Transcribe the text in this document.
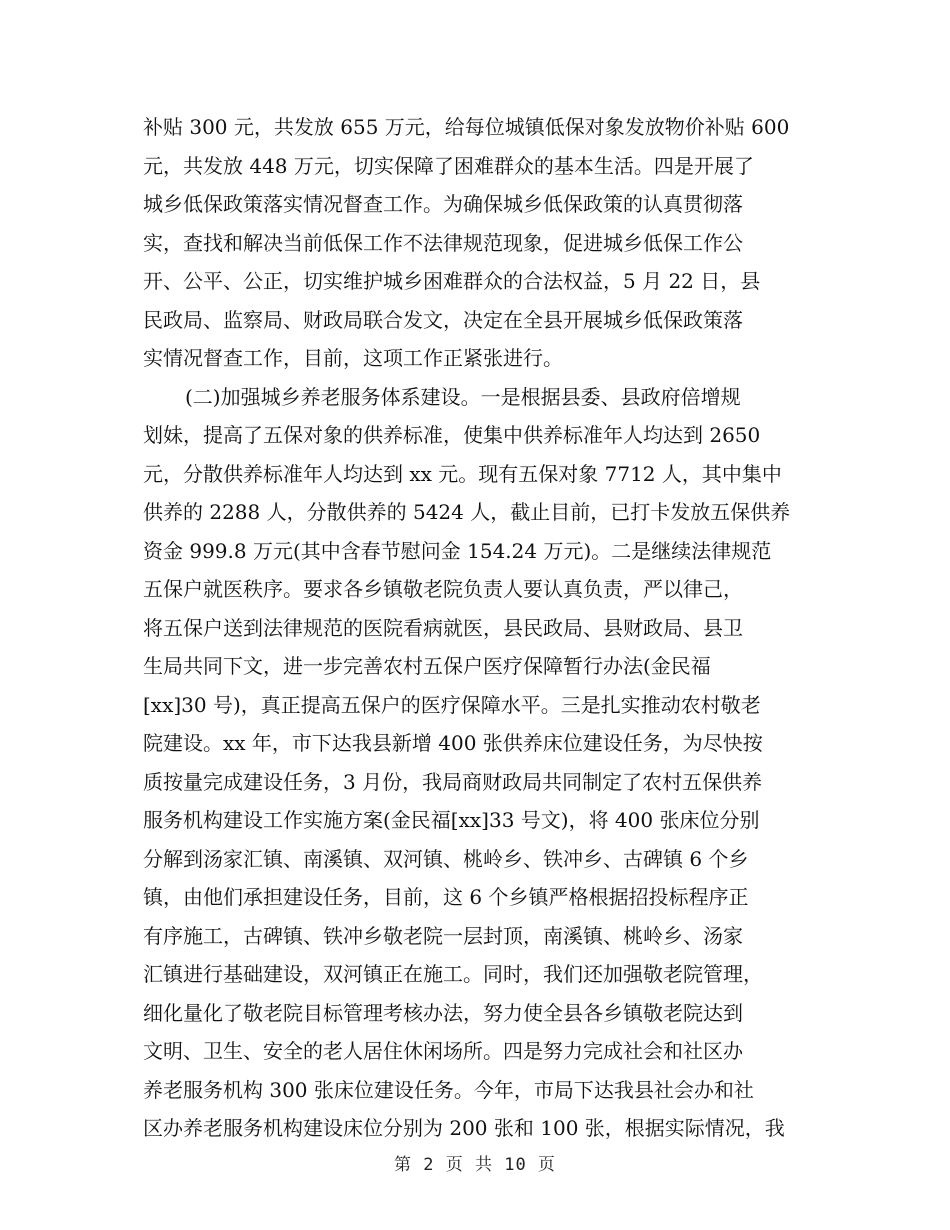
补贴 300 元，共发放 655 万元，给每位城镇低保对象发放物价补贴 600
元，共发放 448 万元，切实保障了困难群众的基本生活。四是开展了
城乡低保政策落实情况督查工作。为确保城乡低保政策的认真贯彻落
实，查找和解决当前低保工作不法律规范现象，促进城乡低保工作公
开、公平、公正，切实维护城乡困难群众的合法权益，5 月 22 日，县
民政局、监察局、财政局联合发文，决定在全县开展城乡低保政策落
实情况督查工作，目前，这项工作正紧张进行。
(二)加强城乡养老服务体系建设。一是根据县委、县政府倍增规
划妹，提高了五保对象的供养标准，使集中供养标准年人均达到 2650
元，分散供养标准年人均达到 xx 元。现有五保对象 7712 人，其中集中
供养的 2288 人，分散供养的 5424 人，截止目前，已打卡发放五保供养
资金 999.8 万元(其中含春节慰问金 154.24 万元)。二是继续法律规范
五保户就医秩序。要求各乡镇敬老院负责人要认真负责，严以律己，
将五保户送到法律规范的医院看病就医，县民政局、县财政局、县卫
生局共同下文，进一步完善农村五保户医疗保障暂行办法(金民福
[xx]30 号)，真正提高五保户的医疗保障水平。三是扎实推动农村敬老
院建设。xx 年，市下达我县新增 400 张供养床位建设任务，为尽快按
质按量完成建设任务，3 月份，我局商财政局共同制定了农村五保供养
服务机构建设工作实施方案(金民福[xx]33 号文)，将 400 张床位分别
分解到汤家汇镇、南溪镇、双河镇、桃岭乡、铁冲乡、古碑镇 6 个乡
镇，由他们承担建设任务，目前，这 6 个乡镇严格根据招投标程序正
有序施工，古碑镇、铁冲乡敬老院一层封顶，南溪镇、桃岭乡、汤家
汇镇进行基础建设，双河镇正在施工。同时，我们还加强敬老院管理，
细化量化了敬老院目标管理考核办法，努力使全县各乡镇敬老院达到
文明、卫生、安全的老人居住休闲场所。四是努力完成社会和社区办
养老服务机构 300 张床位建设任务。今年，市局下达我县社会办和社
区办养老服务机构建设床位分别为 200 张和 100 张，根据实际情况，我
第 2 页 共 10 页
